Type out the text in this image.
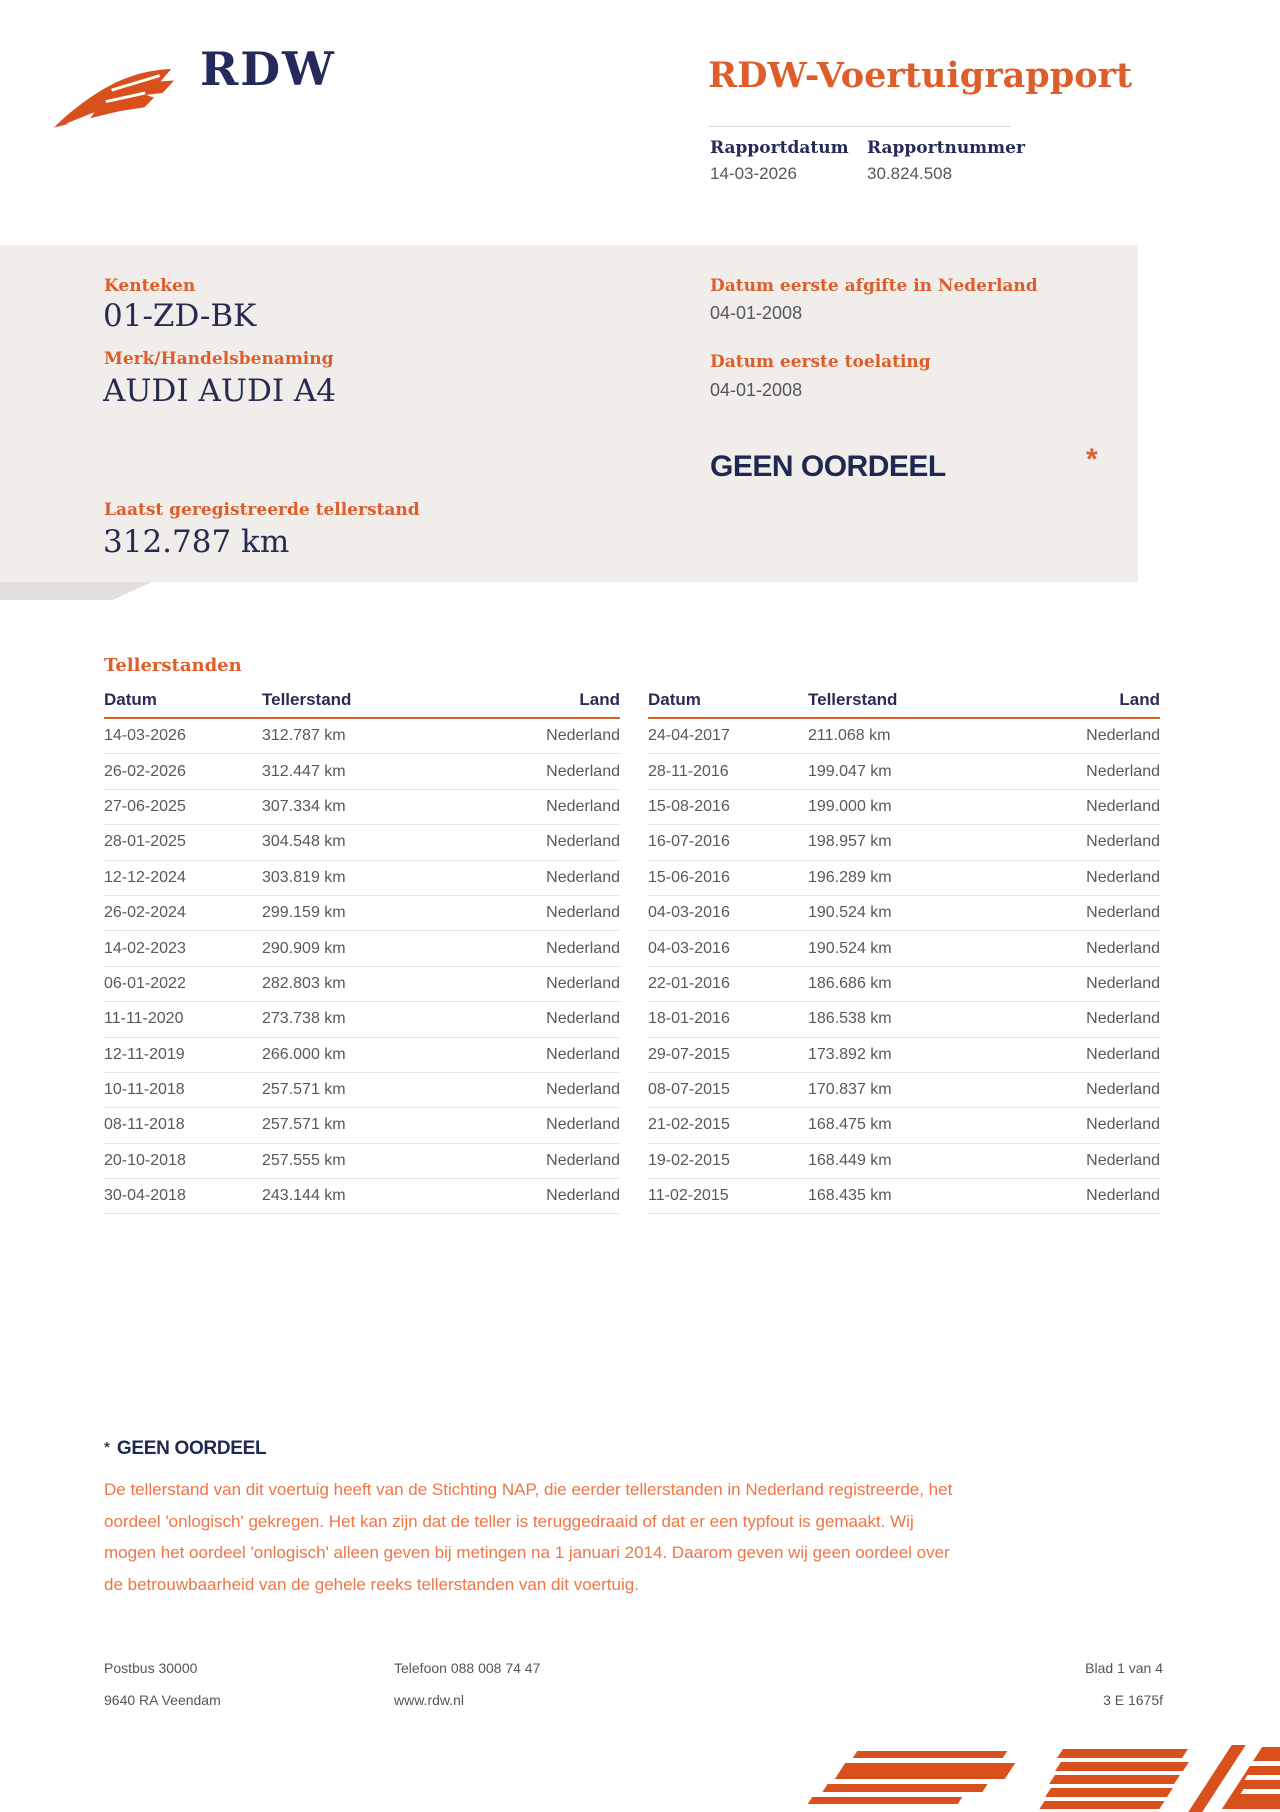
RDW	RDW-Voertuigrapport
Rapportdatum
14-03-2026
Rapportnummer
30.824.508
Kenteken
01-ZD-BK
Merk/Handelsbenaming
AUDI AUDI A4
Laatst geregistreerde tellerstand
312.787 km
Datum eerste afgifte in Nederland
04-01-2008
Datum eerste toelating
04-01-2008
GEEN OORDEEL	*
Tellerstanden
Datum	Tellerstand	Land
14-03-2026	312.787 km	Nederland
26-02-2026	312.447 km	Nederland
27-06-2025	307.334 km	Nederland
28-01-2025	304.548 km	Nederland
12-12-2024	303.819 km	Nederland
26-02-2024	299.159 km	Nederland
14-02-2023	290.909 km	Nederland
06-01-2022	282.803 km	Nederland
11-11-2020	273.738 km	Nederland
12-11-2019	266.000 km	Nederland
10-11-2018	257.571 km	Nederland
08-11-2018	257.571 km	Nederland
20-10-2018	257.555 km	Nederland
30-04-2018	243.144 km	Nederland
Datum	Tellerstand	Land
24-04-2017	211.068 km	Nederland
28-11-2016	199.047 km	Nederland
15-08-2016	199.000 km	Nederland
16-07-2016	198.957 km	Nederland
15-06-2016	196.289 km	Nederland
04-03-2016	190.524 km	Nederland
04-03-2016	190.524 km	Nederland
22-01-2016	186.686 km	Nederland
18-01-2016	186.538 km	Nederland
29-07-2015	173.892 km	Nederland
08-07-2015	170.837 km	Nederland
21-02-2015	168.475 km	Nederland
19-02-2015	168.449 km	Nederland
11-02-2015	168.435 km	Nederland
* GEEN OORDEEL
De tellerstand van dit voertuig heeft van de Stichting NAP, die eerder tellerstanden in Nederland registreerde, het
oordeel 'onlogisch' gekregen. Het kan zijn dat de teller is teruggedraaid of dat er een typfout is gemaakt. Wij
mogen het oordeel 'onlogisch' alleen geven bij metingen na 1 januari 2014. Daarom geven wij geen oordeel over
de betrouwbaarheid van de gehele reeks tellerstanden van dit voertuig.
Postbus 30000
9640 RA Veendam
Telefoon 088 008 74 47
www.rdw.nl
Blad 1 van 4
3 E 1675f
